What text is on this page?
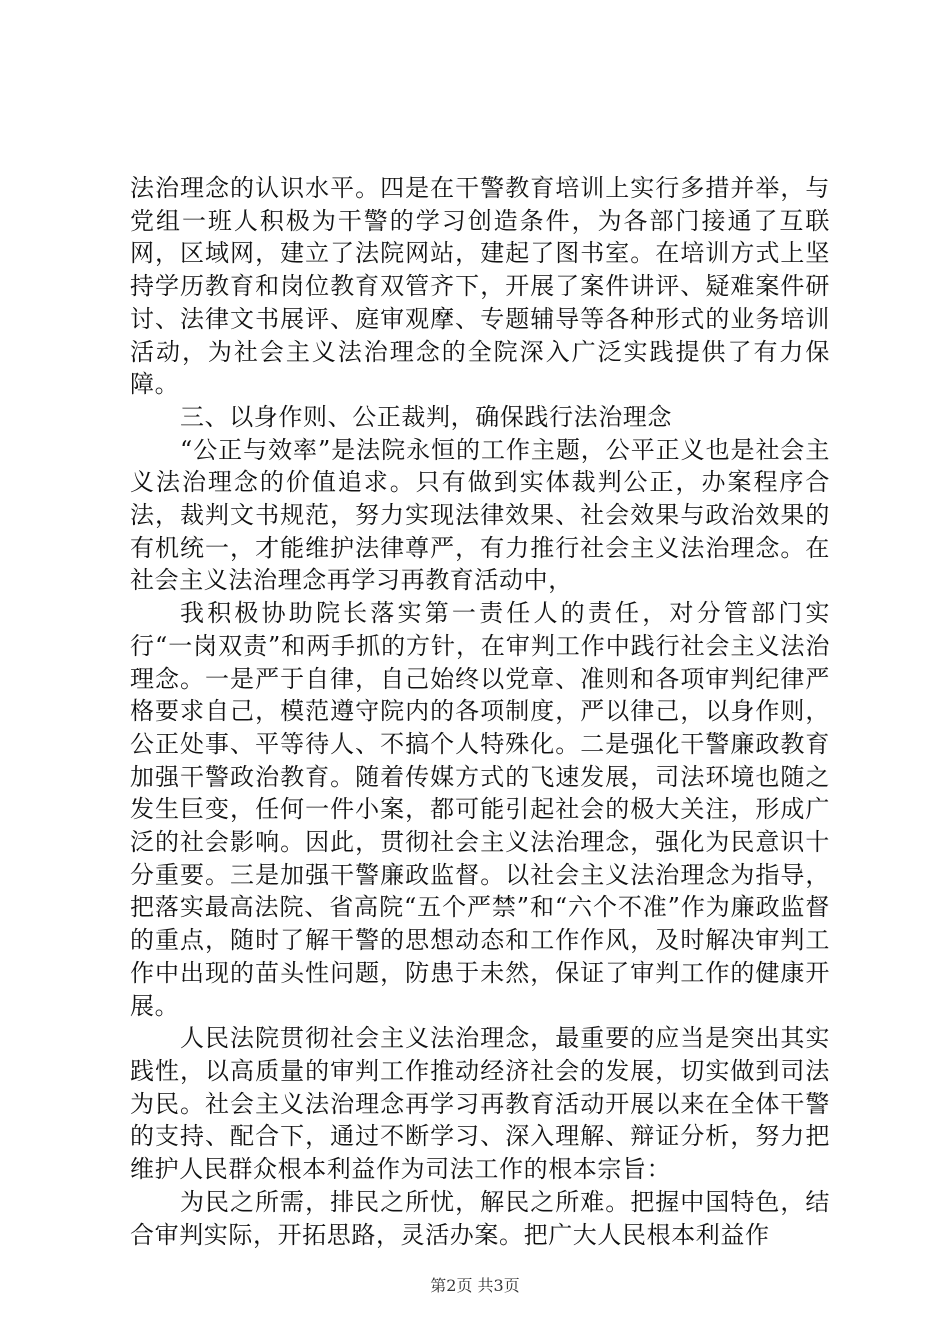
法治理念的认识水平。四是在干警教育培训上实行多措并举，与党组一班人积极为干警的学习创造条件，为各部门接通了互联网，区域网，建立了法院网站，建起了图书室。在培训方式上坚持学历教育和岗位教育双管齐下，开展了案件讲评、疑难案件研讨、法律文书展评、庭审观摩、专题辅导等各种形式的业务培训活动，为社会主义法治理念的全院深入广泛实践提供了有力保障。

三、以身作则、公正裁判，确保践行法治理念

“公正与效率”是法院永恒的工作主题，公平正义也是社会主义法治理念的价值追求。只有做到实体裁判公正，办案程序合法，裁判文书规范，努力实现法律效果、社会效果与政治效果的有机统一，才能维护法律尊严，有力推行社会主义法治理念。在社会主义法治理念再学习再教育活动中，

我积极协助院长落实第一责任人的责任，对分管部门实行“一岗双责”和两手抓的方针，在审判工作中践行社会主义法治理念。一是严于自律，自己始终以党章、准则和各项审判纪律严格要求自己，模范遵守院内的各项制度，严以律己，以身作则，公正处事、平等待人、不搞个人特殊化。二是强化干警廉政教育加强干警政治教育。随着传媒方式的飞速发展，司法环境也随之发生巨变，任何一件小案，都可能引起社会的极大关注，形成广泛的社会影响。因此，贯彻社会主义法治理念，强化为民意识十分重要。三是加强干警廉政监督。以社会主义法治理念为指导，把落实最高法院、省高院“五个严禁”和“六个不准”作为廉政监督的重点，随时了解干警的思想动态和工作作风，及时解决审判工作中出现的苗头性问题，防患于未然，保证了审判工作的健康开展。

人民法院贯彻社会主义法治理念，最重要的应当是突出其实践性，以高质量的审判工作推动经济社会的发展，切实做到司法为民。社会主义法治理念再学习再教育活动开展以来在全体干警的支持、配合下，通过不断学习、深入理解、辩证分析，努力把维护人民群众根本利益作为司法工作的根本宗旨：

为民之所需，排民之所忧，解民之所难。把握中国特色，结合审判实际，开拓思路，灵活办案。把广大人民根本利益作

第2页 共3页
